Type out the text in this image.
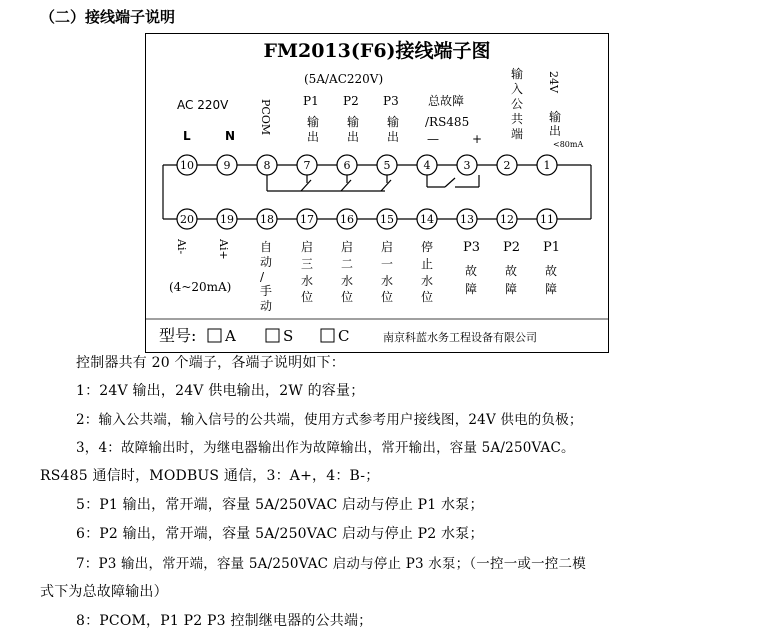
（二）接线端子说明
FM2013(F6)接线端子图
(5A/AC220V)
AC 220V
L	N
PCOM	P1 P2 P3
输
出
输
出
输
出
总故障
/RS485
—	+
输
入
公
共
端
24V
输
出
<80mA
10	9	8	7	6	5	4	3	2	1
20 19 18 17 16 15 14 13 12 11
Ai-	Ai+
(4~20mA)
自
动
/
手
动
启
三
水
位
启
二
水
位
启
一
水
位
停
止
水
位
P3 P2 P1
故
障
故
障
故
障
型号: A	S	C	南京科蓝水务工程设备有限公司
控制器共有 20 个端子，各端子说明如下：
1：24V 输出，24V 供电输出，2W 的容量；
2：输入公共端，输入信号的公共端，使用方式参考用户接线图，24V 供电的负极；
3，4：故障输出时，为继电器输出作为故障输出，常开输出，容量 5A/250VAC。
RS485 通信时，MODBUS 通信，3：A+，4：B-；
5：P1 输出，常开端，容量 5A/250VAC 启动与停止 P1 水泵；
6：P2 输出，常开端，容量 5A/250VAC 启动与停止 P2 水泵；
7：P3 输出，常开端，容量 5A/250VAC 启动与停止 P3 水泵；（一控一或一控二模
式下为总故障输出）
8：PCOM，P1 P2 P3 控制继电器的公共端；
